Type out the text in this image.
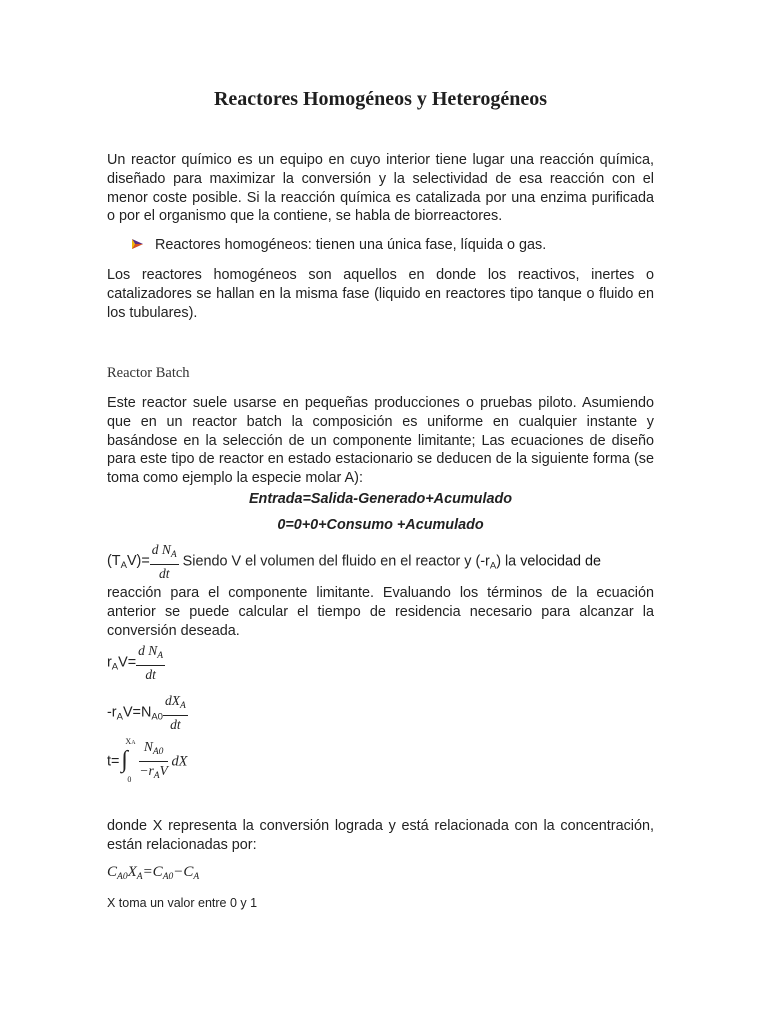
Reactores Homogéneos y Heterogéneos

Un reactor químico es un equipo en cuyo interior tiene lugar una reacción química, diseñado para maximizar la conversión y la selectividad de esa reacción con el menor coste posible. Si la reacción química es catalizada por una enzima purificada o por el organismo que la contiene, se habla de biorreactores.

Reactores homogéneos: tienen una única fase, líquida o gas.

Los reactores homogéneos son aquellos en donde los reactivos, inertes o catalizadores se hallan en la misma fase (liquido en reactores tipo tanque o fluido en los tubulares).

Reactor Batch

Este reactor suele usarse en pequeñas producciones o pruebas piloto. Asumiendo que en un reactor batch la composición es uniforme en cualquier instante y basándose en la selección de un componente limitante; Las ecuaciones de diseño para este tipo de reactor en estado estacionario se deducen de la siguiente forma (se toma como ejemplo la especie molar A):

Entrada=Salida-Generado+Acumulado
0=0+0+Consumo +Acumulado
$(T_AV)= \frac{d N_A}{dt}$ Siendo V el volumen del fluido en el reactor y $(-r_A)$ la velocidad de
reacción para el componente limitante. Evaluando los términos de la ecuación anterior se puede calcular el tiempo de residencia necesario para alcanzar la conversión deseada.
$r_AV= \frac{d N_A}{dt}$
$-r_AV=N_{A0} \frac{dX_A}{dt}$
t=
XA
∫
$0 \frac{N_{A0}}{-r_AV}$ dX

donde X representa la conversión lograda y está relacionada con la concentración, están relacionadas por:

$C_{A0}X_A=C_{A0}-C_A$
X toma un valor entre 0 y 1
